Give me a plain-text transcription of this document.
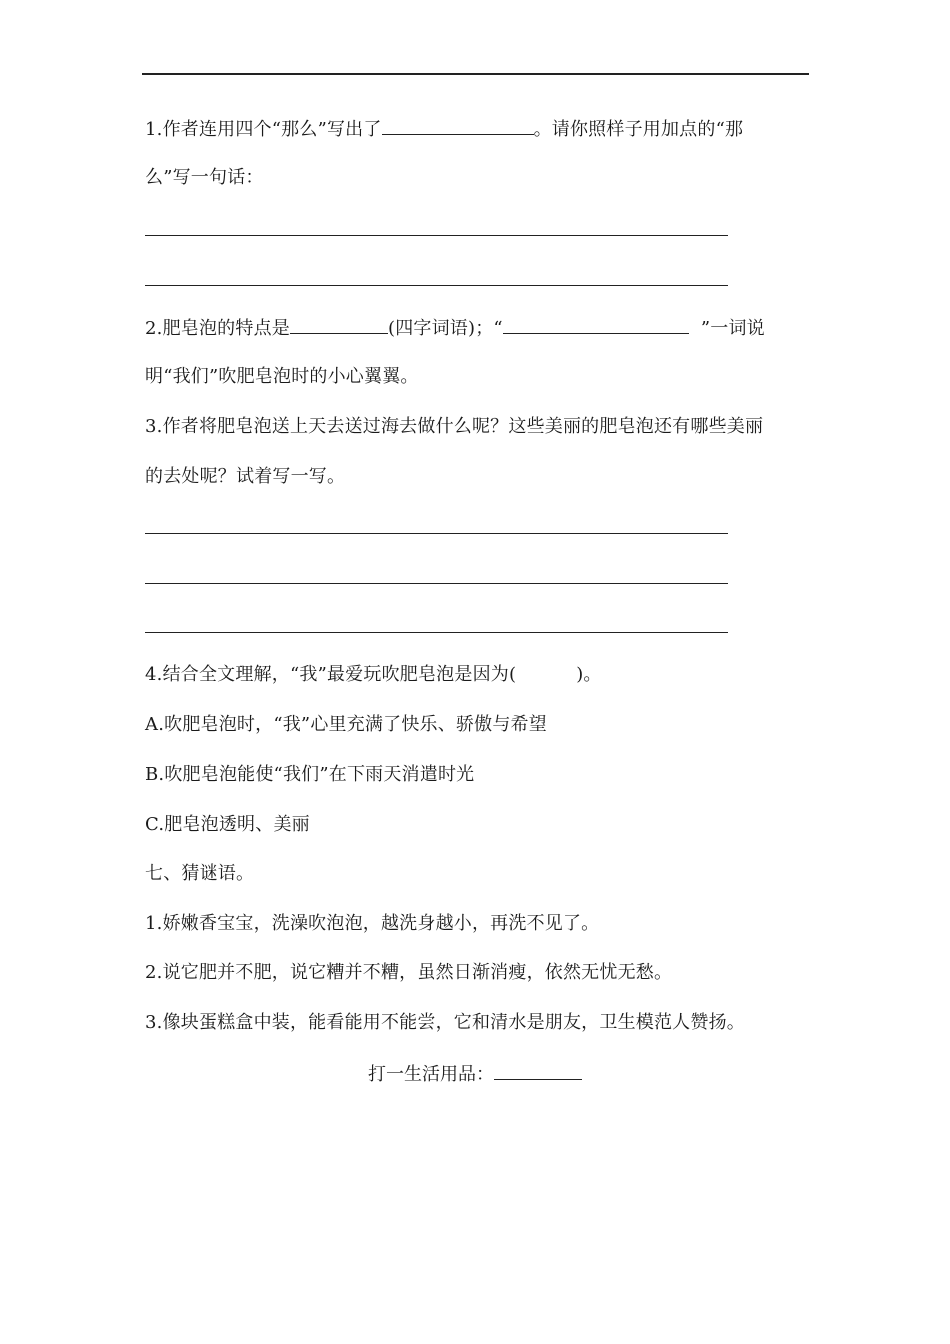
1.作者连用四个“那么”写出了	。请你照样子用加点的“那
么”写一句话：
2.肥皂泡的特点是	(四字词语)；“	”一词说
明“我们”吹肥皂泡时的小心翼翼。
3.作者将肥皂泡送上天去送过海去做什么呢？这些美丽的肥皂泡还有哪些美丽
的去处呢？试着写一写。
4.结合全文理解，“我”最爱玩吹肥皂泡是因为(	)。
A.吹肥皂泡时，“我”心里充满了快乐、骄傲与希望
B.吹肥皂泡能使“我们”在下雨天消遣时光
C.肥皂泡透明、美丽
七、猜谜语。
1.娇嫩香宝宝，洗澡吹泡泡，越洗身越小，再洗不见了。
2.说它肥并不肥，说它糟并不糟，虽然日渐消瘦，依然无忧无愁。
3.像块蛋糕盒中装，能看能用不能尝，它和清水是朋友，卫生模范人赞扬。
打一生活用品：
